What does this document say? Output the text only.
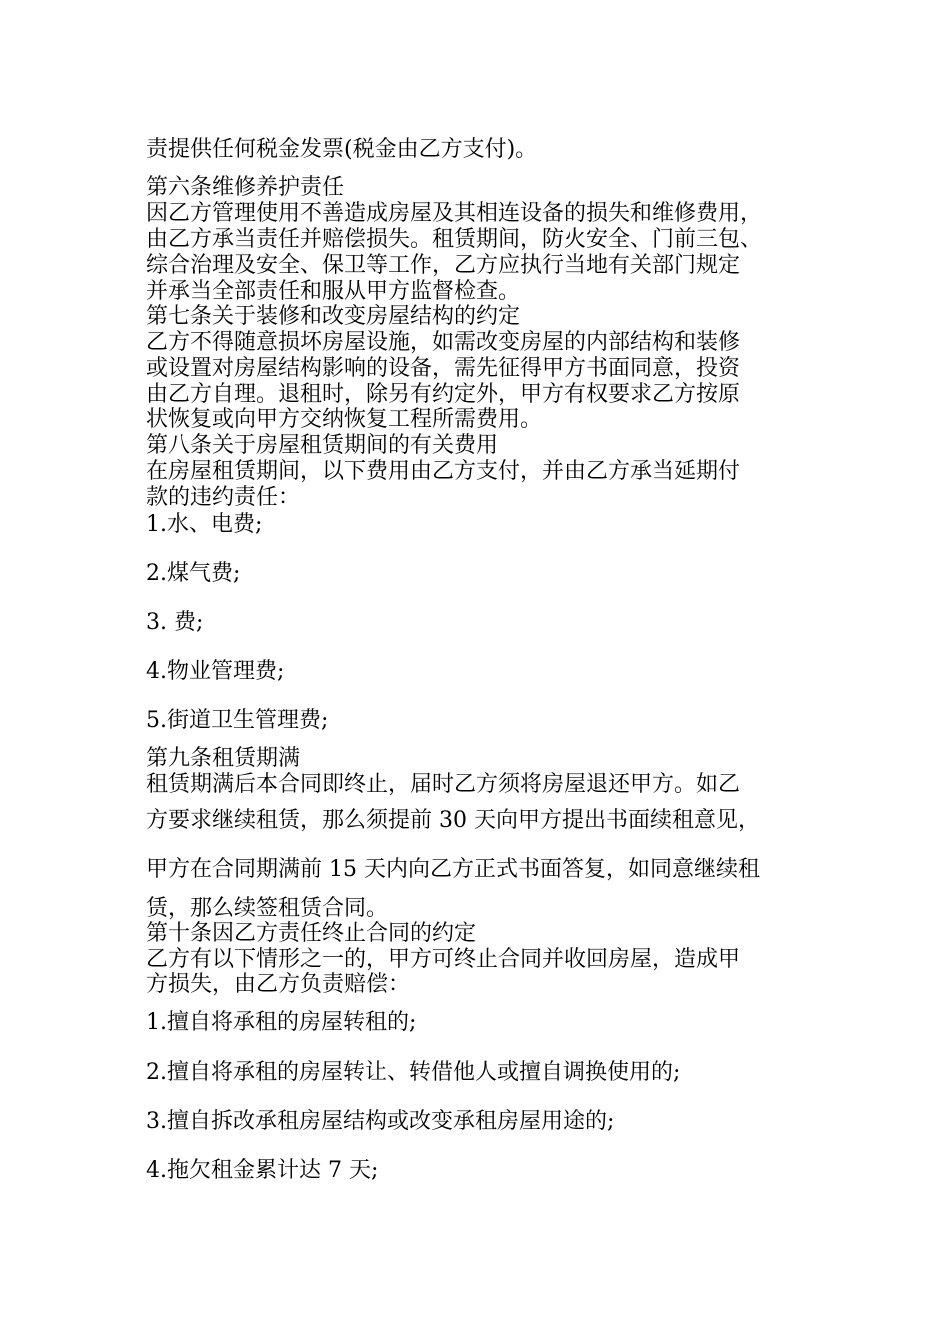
责提供任何税金发票(税金由乙方支付)。

第六条维修养护责任

因乙方管理使用不善造成房屋及其相连设备的损失和维修费用，

由乙方承当责任并赔偿损失。租赁期间，防火安全、门前三包、

综合治理及安全、保卫等工作，乙方应执行当地有关部门规定

并承当全部责任和服从甲方监督检查。

第七条关于装修和改变房屋结构的约定

乙方不得随意损坏房屋设施，如需改变房屋的内部结构和装修

或设置对房屋结构影响的设备，需先征得甲方书面同意，投资

由乙方自理。退租时，除另有约定外，甲方有权要求乙方按原

状恢复或向甲方交纳恢复工程所需费用。

第八条关于房屋租赁期间的有关费用

在房屋租赁期间，以下费用由乙方支付，并由乙方承当延期付

款的违约责任：

1.水、电费;

2.煤气费;

3. 费;

4.物业管理费;

5.街道卫生管理费;

第九条租赁期满

租赁期满后本合同即终止，届时乙方须将房屋退还甲方。如乙

方要求继续租赁，那么须提前 30 天向甲方提出书面续租意见，

甲方在合同期满前 15 天内向乙方正式书面答复，如同意继续租

赁，那么续签租赁合同。

第十条因乙方责任终止合同的约定

乙方有以下情形之一的，甲方可终止合同并收回房屋，造成甲

方损失，由乙方负责赔偿：

1.擅自将承租的房屋转租的;

2.擅自将承租的房屋转让、转借他人或擅自调换使用的;

3.擅自拆改承租房屋结构或改变承租房屋用途的;

4.拖欠租金累计达 7 天;
